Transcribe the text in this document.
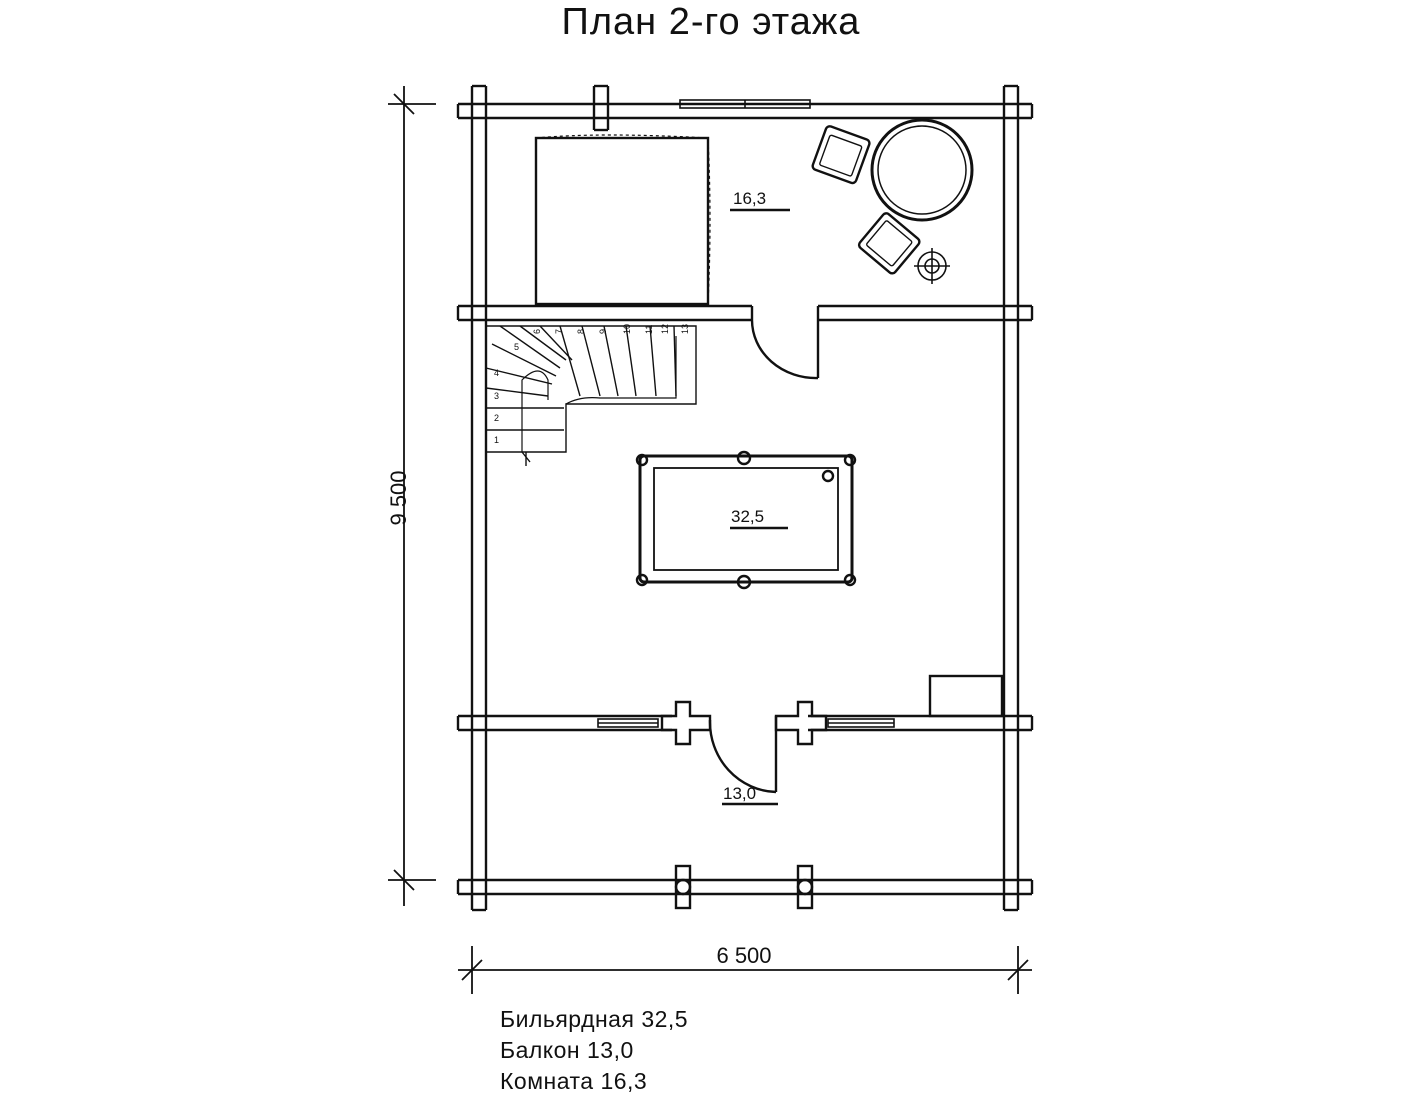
План 2-го этажа
1
2
3
4
5
6 7 8 9 10 11 12 13
16,3
32,5
13,0
9 500
6 500
Бильярдная 32,5
Балкон 13,0
Комната 16,3
